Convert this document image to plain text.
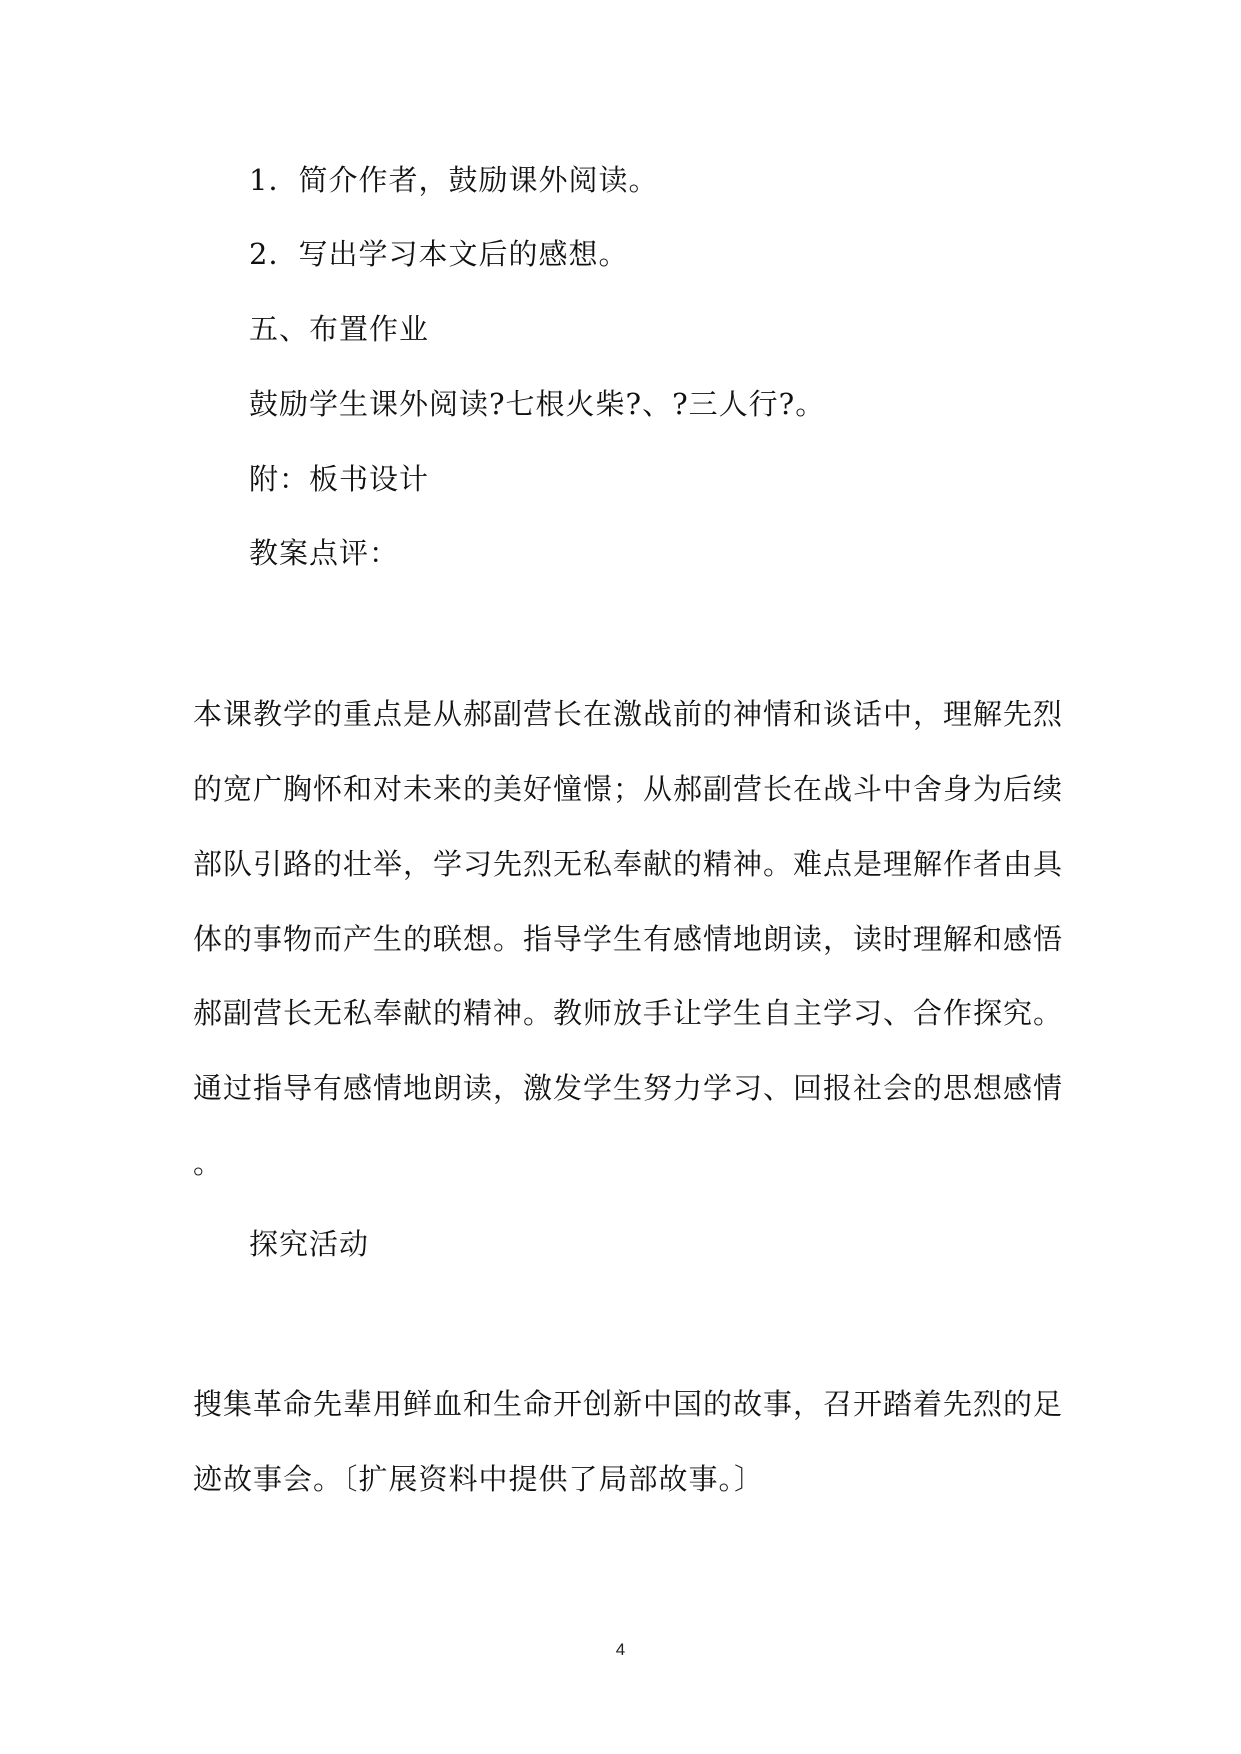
1．简介作者，鼓励课外阅读。
2．写出学习本文后的感想。
五、布置作业
鼓励学生课外阅读?七根火柴?、?三人行?。
附：板书设计
教案点评：
本课教学的重点是从郝副营长在激战前的神情和谈话中，理解先烈
的宽广胸怀和对未来的美好憧憬；从郝副营长在战斗中舍身为后续
部队引路的壮举，学习先烈无私奉献的精神。难点是理解作者由具
体的事物而产生的联想。指导学生有感情地朗读，读时理解和感悟
郝副营长无私奉献的精神。教师放手让学生自主学习、合作探究。
通过指导有感情地朗读，激发学生努力学习、回报社会的思想感情
。
探究活动
搜集革命先辈用鲜血和生命开创新中国的故事，召开踏着先烈的足
迹故事会。〔扩展资料中提供了局部故事。〕
4
